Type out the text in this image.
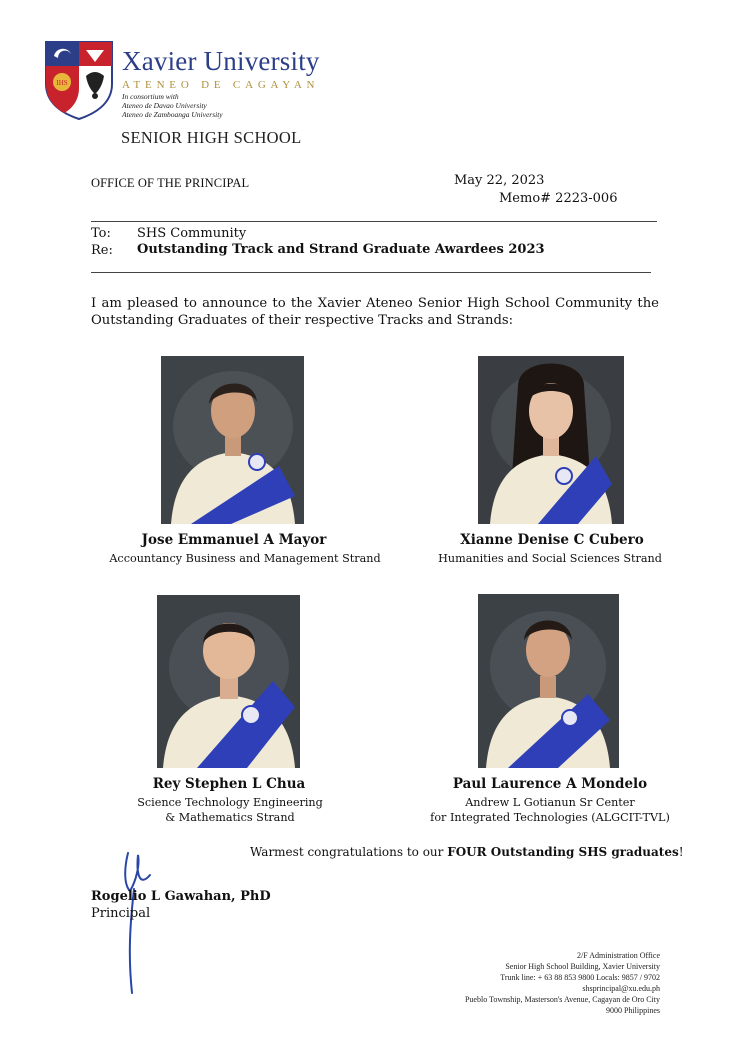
IHS
Xavier University
ATENEO DE CAGAYAN
In consortium with
Ateneo de Davao University
Ateneo de Zamboanga University
SENIOR HIGH SCHOOL
OFFICE OF THE PRINCIPAL	May 22, 2023
Memo# 2223-006
To: SHS Community
Re: Outstanding Track and Strand Graduate Awardees 2023
I am pleased to announce to the Xavier Ateneo Senior High School Community the Outstanding Graduates of their respective Tracks and Strands:
Jose Emmanuel A Mayor
Accountancy Business and Management Strand
Xianne Denise C Cubero
Humanities and Social Sciences Strand
Rey Stephen L Chua
Science Technology Engineering
& Mathematics Strand
Paul Laurence A Mondelo
Andrew L Gotianun Sr Center
for Integrated Technologies (ALGCIT-TVL)
Warmest congratulations to our FOUR Outstanding SHS graduates!
Rogelio L Gawahan, PhD
Principal
2/F Administration Office
Senior High School Building, Xavier University
Trunk line: + 63 88 853 9800 Locals: 9857 / 9702
shsprincipal@xu.edu.ph
Pueblo Township, Masterson's Avenue, Cagayan de Oro City
9000 Philippines
